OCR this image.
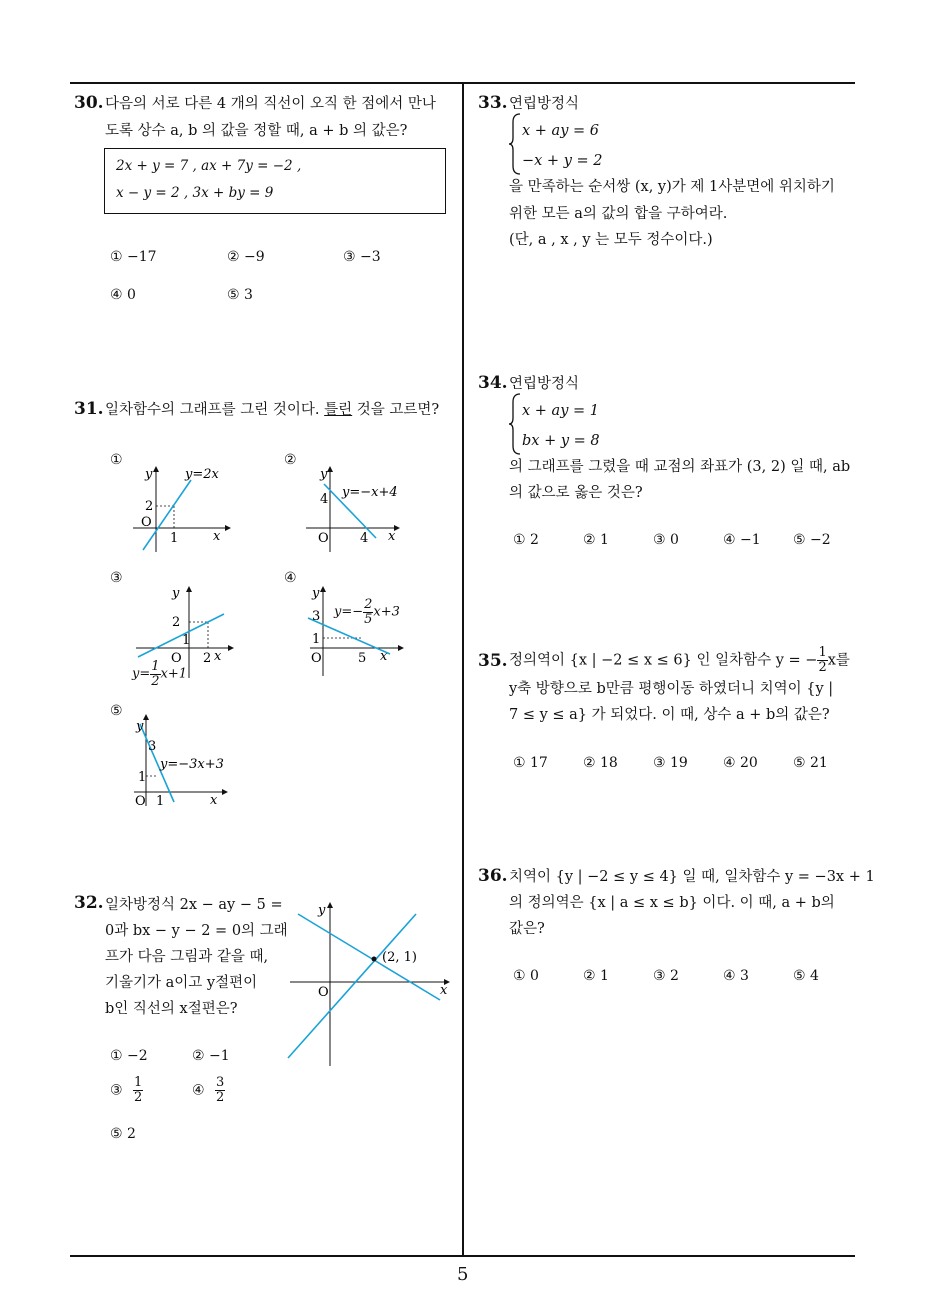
5
30. 다음의 서로 다른 4 개의 직선이 오직 한 점에서 만나
도록 상수 a, b 의 값을 정할 때, a + b 의 값은?
2x + y = 7 , ax + 7y = −2 ,
x − y = 2 , 3x + by = 9
① −17	② −9	③ −3
④ 0	⑤ 3
31. 일차함수의 그래프를 그린 것이다. 틀린 것을 고르면?
①
2
1
O
x
y	y=2x
②
4
4
O	x
y
y=−x+4
③
2
1
2
O x
y
$y= \frac{1}{2} x+1$
④
3
1
5
O	x
y
$y=- \frac{2}{5} x+3$
⑤
3
1
1
O	x
y
y=−3x+3
32. 일차방정식 2x − ay − 5 =
0과 bx − y − 2 = 0의 그래
프가 다음 그림과 같을 때,
기울기가 a이고 y절편이
b인 직선의 x절편은?
(2, 1)
O	x
y
① −2	② −1
③ $\frac{1}{2}$	④ $\frac{3}{2}$
⑤ 2
33. 연립방정식
x + ay = 6
−x + y = 2
을 만족하는 순서쌍 (x, y)가 제 1사분면에 위치하기
위한 모든 a의 값의 합을 구하여라.
(단, a , x , y 는 모두 정수이다.)
34. 연립방정식
x + ay = 1
bx + y = 8
의 그래프를 그렸을 때 교점의 좌표가 (3, 2) 일 때, ab
의 값으로 옳은 것은?
① 2	② 1	③ 0	④ −1 ⑤ −2
35. 정의역이 {x | −2 ≤ x ≤ 6} 인 일차함수 y = − $\frac{1}{2}$ x를
y축 방향으로 b만큼 평행이동 하였더니 치역이 {y |
7 ≤ y ≤ a} 가 되었다. 이 때, 상수 a + b의 값은?
① 17	② 18	③ 19	④ 20	⑤ 21
36. 치역이 {y | −2 ≤ y ≤ 4} 일 때, 일차함수 y = −3x + 1
의 정의역은 {x | a ≤ x ≤ b} 이다. 이 때, a + b의
값은?
① 0	② 1	③ 2	④ 3	⑤ 4
